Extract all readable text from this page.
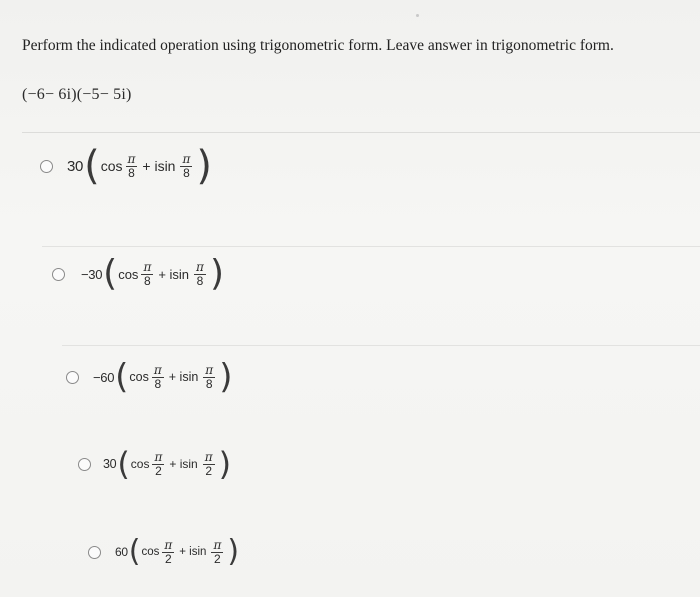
Perform the indicated operation using trigonometric form. Leave answer in trigonometric form.
(−6− 6i)(−5− 5i)
30 ( $\cos \frac{\pi}{8} + isin \frac{\pi}{8}$ )
−30 ( $\cos \frac{\pi}{8} + isin \frac{\pi}{8}$ )
−60 ( $\cos \frac{\pi}{8} + isin \frac{\pi}{8}$ )
30 ( $\cos \frac{\pi}{2} + isin \frac{\pi}{2}$ )
60 ( $\cos \frac{\pi}{2} + isin \frac{\pi}{2}$ )
